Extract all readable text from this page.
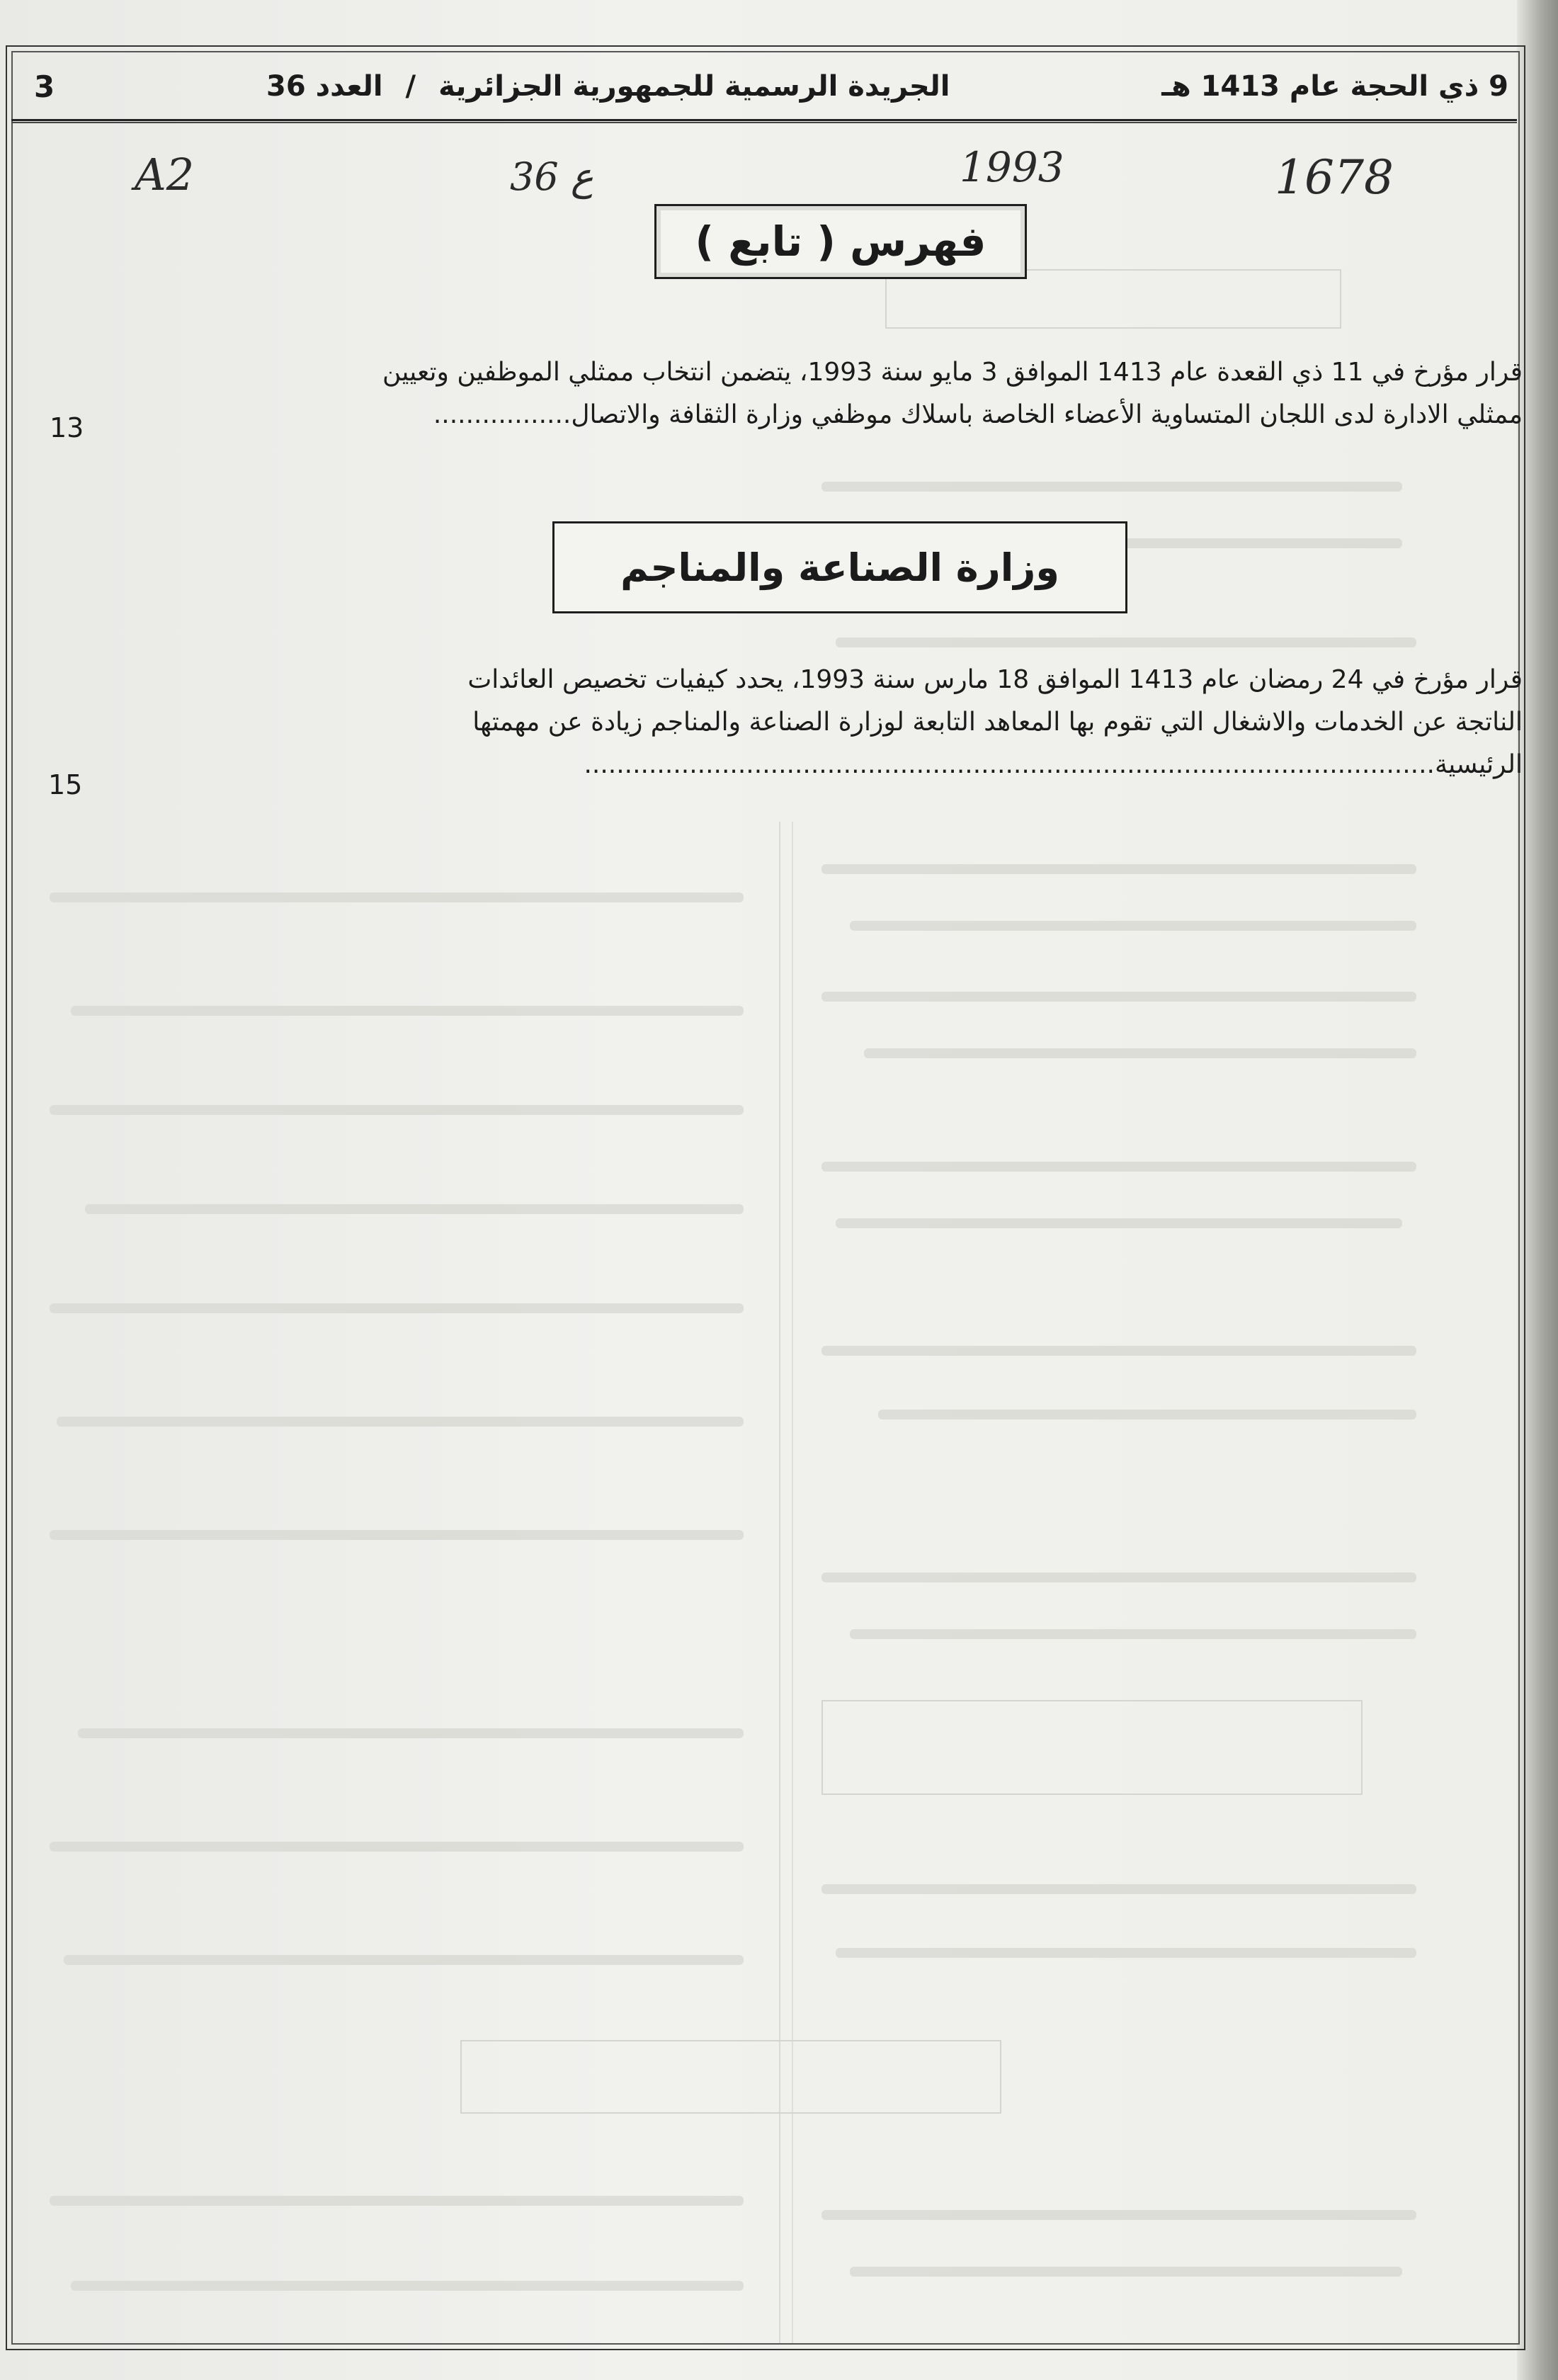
3	الجريدة الرسمية للجمهورية الجزائرية / العدد 36	9 ذي الحجة عام 1413 هـ
A2	36 ع	1993	1678
فهرس ( تابع )

قرار مؤرخ في 11 ذي القعدة عام 1413 الموافق 3 مايو سنة 1993، يتضمن انتخاب ممثلي الموظفين وتعيين

ممثلي الادارة لدى اللجان المتساوية الأعضاء الخاصة باسلاك موظفي وزارة الثقافة والاتصال.................

13
وزارة الصناعة والمناجم

قرار مؤرخ في 24 رمضان عام 1413 الموافق 18 مارس سنة 1993، يحدد كيفيات تخصيص العائدات

الناتجة عن الخدمات والاشغال التي تقوم بها المعاهد التابعة لوزارة الصناعة والمناجم زيادة عن مهمتها

الرئيسية.........................................................................................................

15
